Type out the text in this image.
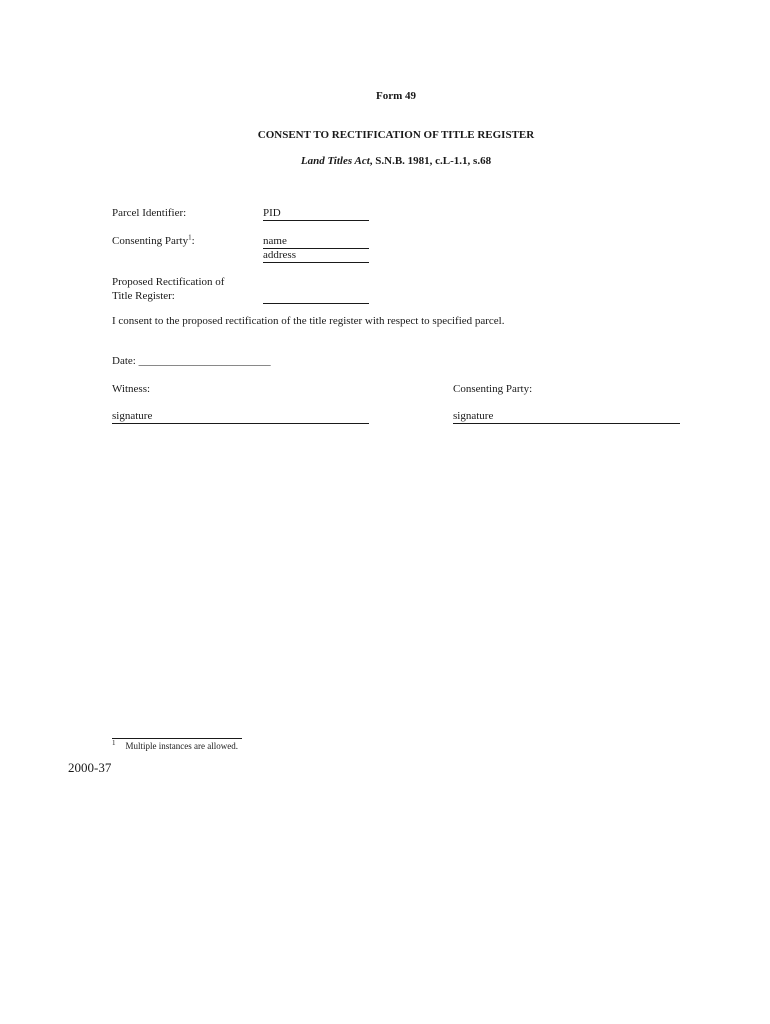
Form 49
CONSENT TO RECTIFICATION OF TITLE REGISTER
Land Titles Act, S.N.B. 1981, c.L-1.1, s.68
Parcel Identifier:	PID
Consenting Party$^1$:	name
address
Proposed Rectification of
Title Register:
I consent to the proposed rectification of the title register with respect to specified parcel.
Date: ________________________
Witness:
signature
Consenting Party:
signature
$^1$ Multiple instances are allowed.
2000-37
